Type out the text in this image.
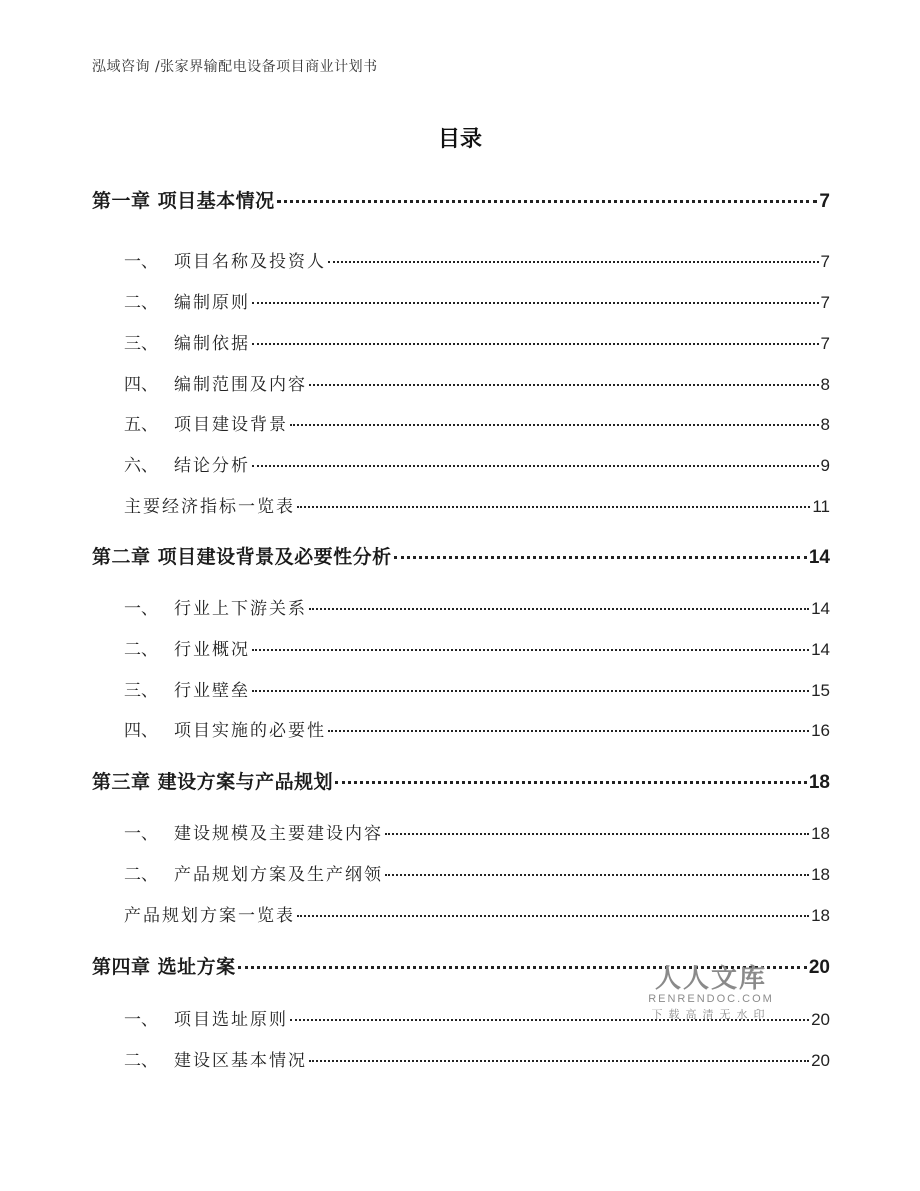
泓域咨询 /张家界输配电设备项目商业计划书
目录
第一章 项目基本情况	7
一、 项目名称及投资人	7
二、 编制原则	7
三、 编制依据	7
四、 编制范围及内容	8
五、 项目建设背景	8
六、 结论分析	9
主要经济指标一览表	11
第二章 项目建设背景及必要性分析	14
一、 行业上下游关系	14
二、 行业概况	14
三、 行业壁垒	15
四、 项目实施的必要性	16
第三章 建设方案与产品规划	18
一、 建设规模及主要建设内容	18
二、 产品规划方案及生产纲领	18
产品规划方案一览表	18
第四章 选址方案	20
一、 项目选址原则	20
二、 建设区基本情况	20
人人文库
RENRENDOC.COM
下载高清无水印
